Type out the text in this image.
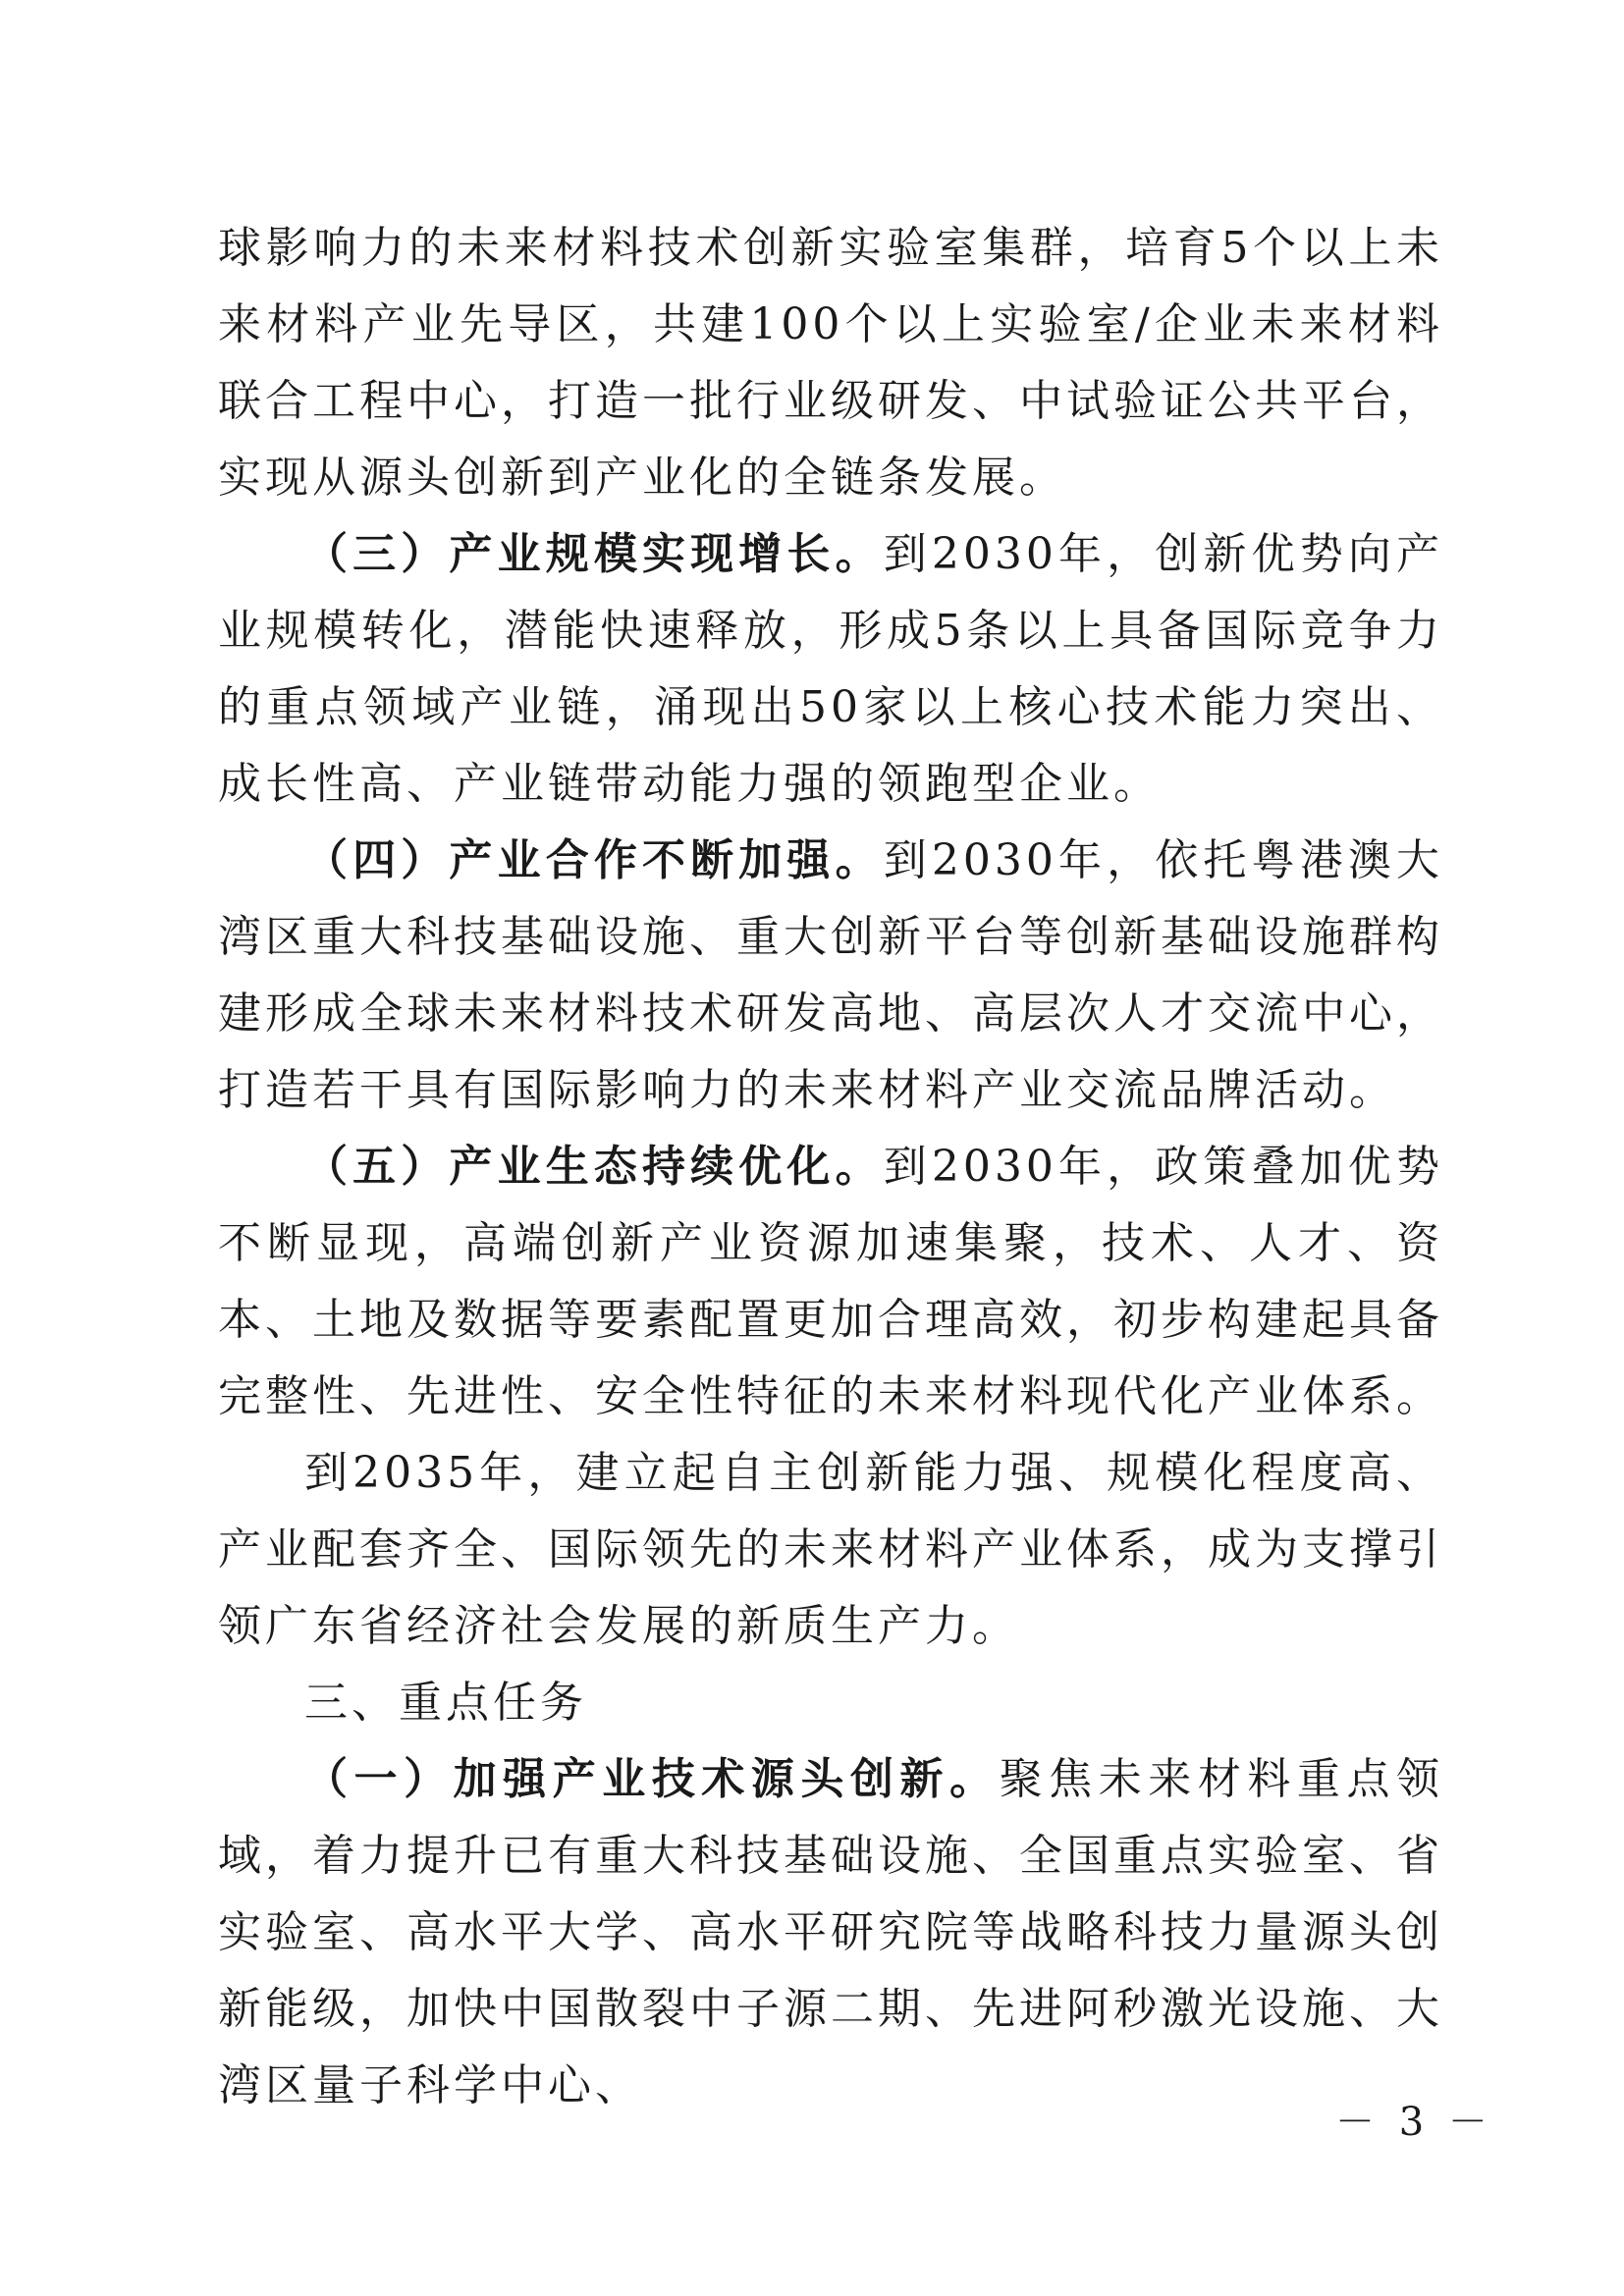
球影响力的未来材料技术创新实验室集群，培育5个以上未来材料产业先导区，共建100个以上实验室/企业未来材料联合工程中心，打造一批行业级研发、中试验证公共平台，实现从源头创新到产业化的全链条发展。

（三）产业规模实现增长。到2030年，创新优势向产业规模转化，潜能快速释放，形成5条以上具备国际竞争力的重点领域产业链，涌现出50家以上核心技术能力突出、成长性高、产业链带动能力强的领跑型企业。

（四）产业合作不断加强。到2030年，依托粤港澳大湾区重大科技基础设施、重大创新平台等创新基础设施群构建形成全球未来材料技术研发高地、高层次人才交流中心，打造若干具有国际影响力的未来材料产业交流品牌活动。

（五）产业生态持续优化。到2030年，政策叠加优势不断显现，高端创新产业资源加速集聚，技术、人才、资本、土地及数据等要素配置更加合理高效，初步构建起具备完整性、先进性、安全性特征的未来材料现代化产业体系。

到2035年，建立起自主创新能力强、规模化程度高、产业配套齐全、国际领先的未来材料产业体系，成为支撑引领广东省经济社会发展的新质生产力。

三、重点任务

（一）加强产业技术源头创新。聚焦未来材料重点领域，着力提升已有重大科技基础设施、全国重点实验室、省实验室、高水平大学、高水平研究院等战略科技力量源头创新能级，加快中国散裂中子源二期、先进阿秒激光设施、大湾区量子科学中心、

－ 3 －
